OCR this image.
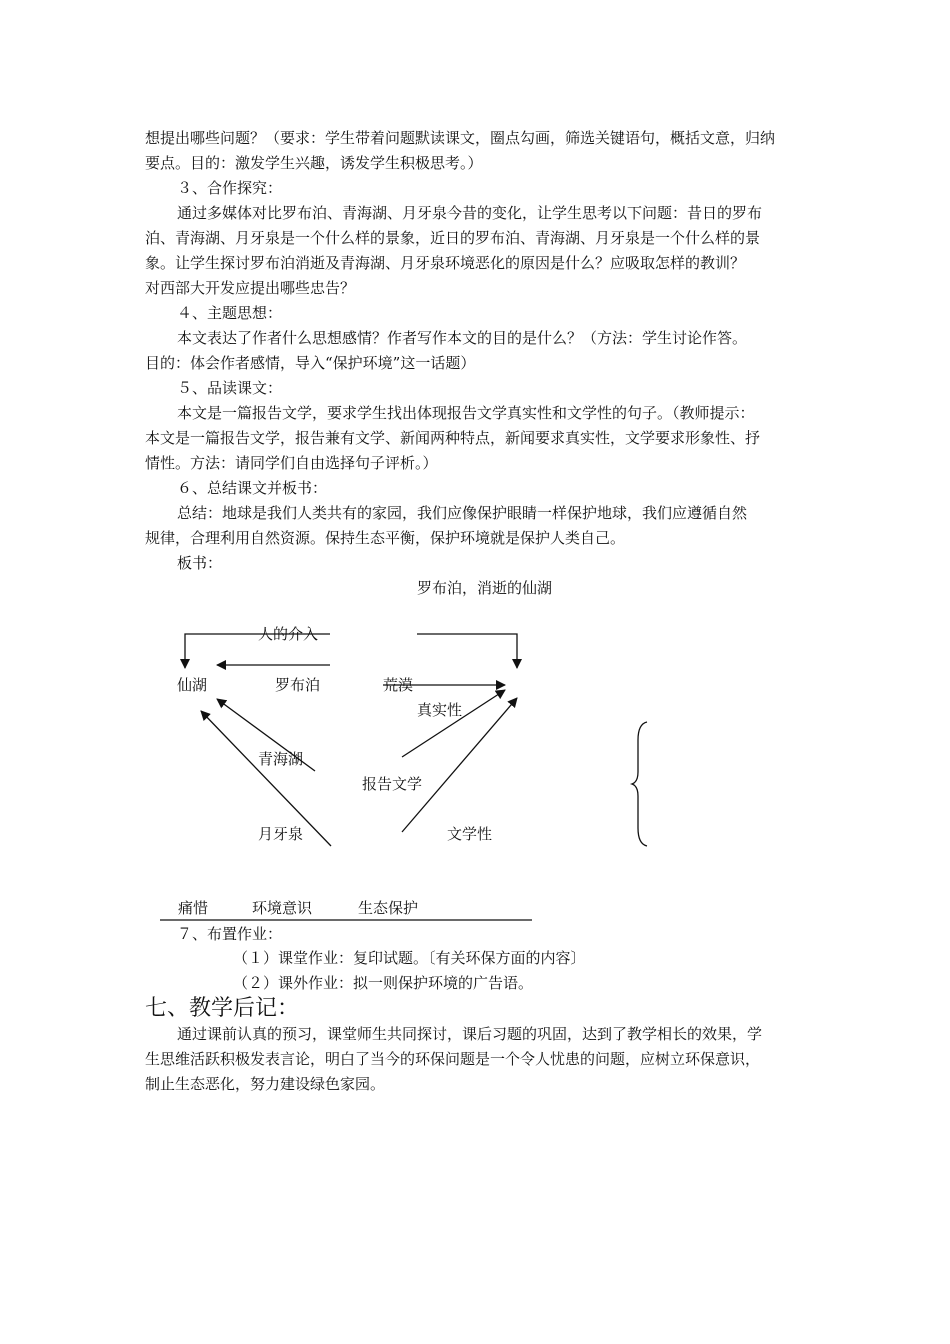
想提出哪些问题？（要求：学生带着问题默读课文，圈点勾画，筛选关键语句，概括文意，归纳
要点。目的：激发学生兴趣，诱发学生积极思考。）
３、合作探究：
通过多媒体对比罗布泊、青海湖、月牙泉今昔的变化，让学生思考以下问题：昔日的罗布
泊、青海湖、月牙泉是一个什么样的景象，近日的罗布泊、青海湖、月牙泉是一个什么样的景
象。让学生探讨罗布泊消逝及青海湖、月牙泉环境恶化的原因是什么？应吸取怎样的教训？
对西部大开发应提出哪些忠告？
４、主题思想：
本文表达了作者什么思想感情？作者写作本文的目的是什么？（方法：学生讨论作答。
目的：体会作者感情，导入“保护环境”这一话题）
５、品读课文：
本文是一篇报告文学，要求学生找出体现报告文学真实性和文学性的句子。（教师提示：
本文是一篇报告文学，报告兼有文学、新闻两种特点，新闻要求真实性，文学要求形象性、抒
情性。方法：请同学们自由选择句子评析。）
６、总结课文并板书：
总结：地球是我们人类共有的家园，我们应像保护眼睛一样保护地球，我们应遵循自然
规律，合理利用自然资源。保持生态平衡，保护环境就是保护人类自己。
板书：
罗布泊，消逝的仙湖
人的介入
仙湖	罗布泊	荒漠
真实性
青海湖
报告文学
月牙泉	文学性
痛惜	环境意识	生态保护
７、布置作业：
（１）课堂作业：复印试题。〔有关环保方面的内容〕
（２）课外作业：拟一则保护环境的广告语。
七、教学后记：
通过课前认真的预习，课堂师生共同探讨，课后习题的巩固，达到了教学相长的效果，学
生思维活跃积极发表言论，明白了当今的环保问题是一个令人忧患的问题，应树立环保意识，
制止生态恶化，努力建设绿色家园。
